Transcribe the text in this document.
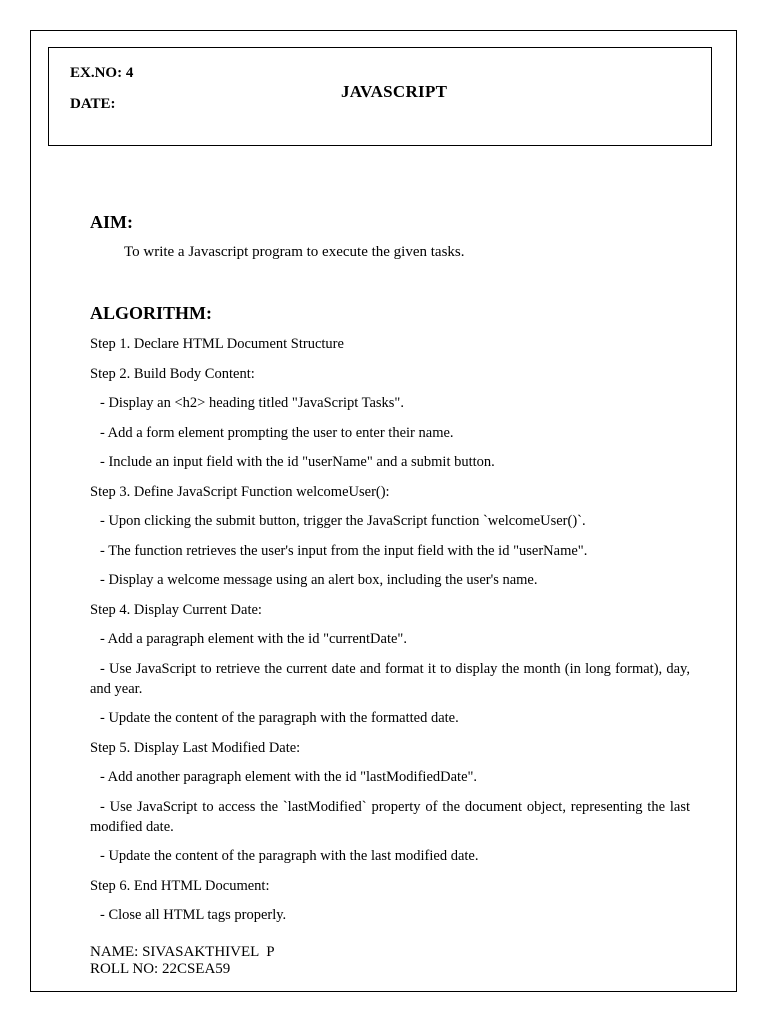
EX.NO: 4
DATE:
JAVASCRIPT
AIM:
To write a Javascript program to execute the given tasks.
ALGORITHM:
Step 1. Declare HTML Document Structure
Step 2. Build Body Content:
- Display an <h2> heading titled "JavaScript Tasks".
- Add a form element prompting the user to enter their name.
- Include an input field with the id "userName" and a submit button.
Step 3. Define JavaScript Function welcomeUser():
- Upon clicking the submit button, trigger the JavaScript function `welcomeUser()`.
- The function retrieves the user's input from the input field with the id "userName".
- Display a welcome message using an alert box, including the user's name.
Step 4. Display Current Date:
- Add a paragraph element with the id "currentDate".
- Use JavaScript to retrieve the current date and format it to display the month (in long format), day, and year.
- Update the content of the paragraph with the formatted date.
Step 5. Display Last Modified Date:
- Add another paragraph element with the id "lastModifiedDate".
- Use JavaScript to access the `lastModified` property of the document object, representing the last modified date.
- Update the content of the paragraph with the last modified date.
Step 6. End HTML Document:
- Close all HTML tags properly.
NAME: SIVASAKTHIVEL  P
ROLL NO: 22CSEA59
